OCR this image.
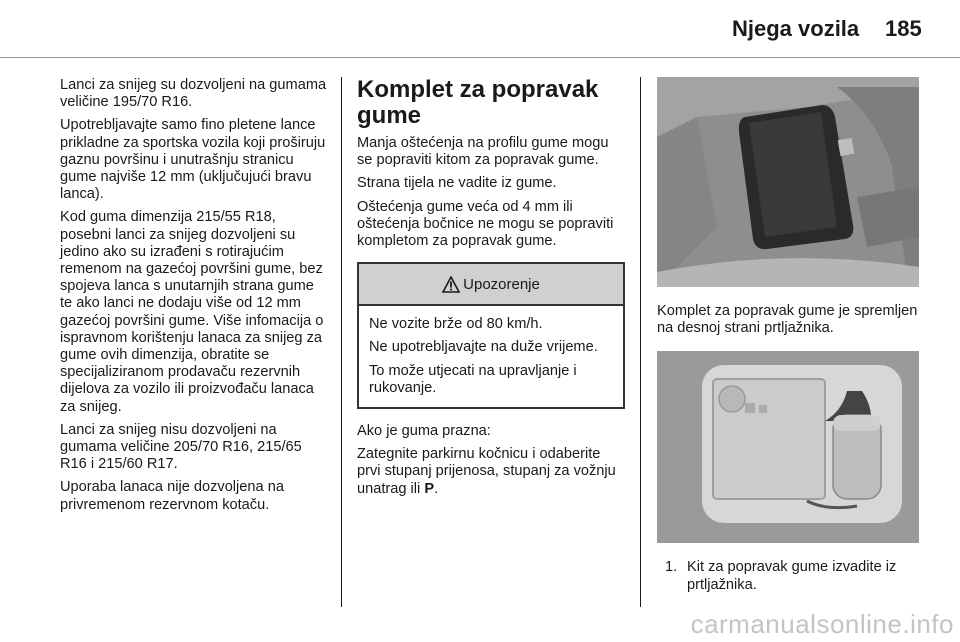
Njega vozila 185

Lanci za snijeg su dozvoljeni na gumama veličine 195/70 R16.

Upotrebljavajte samo fino pletene lance prikladne za sportska vozila koji proširuju gaznu površinu i unutrašnju stranicu gume najviše 12 mm (uključujući bravu lanca).

Kod guma dimenzija 215/55 R18, posebni lanci za snijeg dozvoljeni su jedino ako su izrađeni s rotirajućim remenom na gazećoj površini gume, bez spojeva lanca s unutarnjih strana gume te ako lanci ne dodaju više od 12 mm gazećoj površini gume. Više infomacija o ispravnom korištenju lanaca za snijeg za gume ovih dimenzija, obratite se specijaliziranom prodavaču rezervnih dijelova za vozilo ili proizvođaču lanaca za snijeg.

Lanci za snijeg nisu dozvoljeni na gumama veličine 205/70 R16, 215/65 R16 i 215/60 R17.

Uporaba lanaca nije dozvoljena na privremenom rezervnom kotaču.

Komplet za popravak gume

Manja oštećenja na profilu gume mogu se popraviti kitom za popravak gume.

Strana tijela ne vadite iz gume.

Oštećenja gume veća od 4 mm ili oštećenja bočnice ne mogu se popraviti kompletom za popravak gume.

Upozorenje

Ne vozite brže od 80 km/h.

Ne upotrebljavajte na duže vrijeme.

To može utjecati na upravljanje i rukovanje.

Ako je guma prazna:

Zategnite parkirnu kočnicu i odaberite prvi stupanj prijenosa, stupanj za vožnju unatrag ili P.

Komplet za popravak gume je spremljen na desnoj strani prtljažnika.

1. Kit za popravak gume izvadite iz prtljažnika.
carmanualsonline.info
